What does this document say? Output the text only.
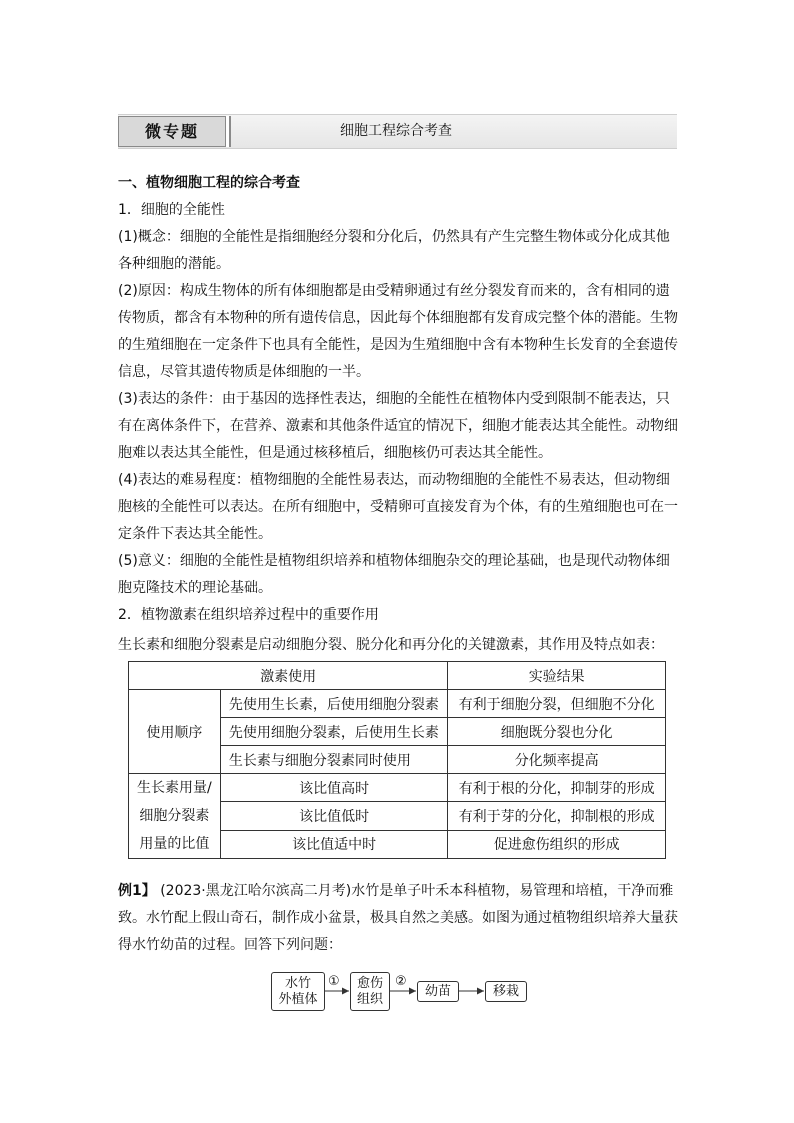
微专题	细胞工程综合考查
一、植物细胞工程的综合考查
1．细胞的全能性
(1)概念：细胞的全能性是指细胞经分裂和分化后，仍然具有产生完整生物体或分化成其他各种细胞的潜能。
(2)原因：构成生物体的所有体细胞都是由受精卵通过有丝分裂发育而来的，含有相同的遗传物质，都含有本物种的所有遗传信息，因此每个体细胞都有发育成完整个体的潜能。生物的生殖细胞在一定条件下也具有全能性，是因为生殖细胞中含有本物种生长发育的全套遗传信息，尽管其遗传物质是体细胞的一半。
(3)表达的条件：由于基因的选择性表达，细胞的全能性在植物体内受到限制不能表达，只有在离体条件下，在营养、激素和其他条件适宜的情况下，细胞才能表达其全能性。动物细胞难以表达其全能性，但是通过核移植后，细胞核仍可表达其全能性。
(4)表达的难易程度：植物细胞的全能性易表达，而动物细胞的全能性不易表达，但动物细胞核的全能性可以表达。在所有细胞中，受精卵可直接发育为个体，有的生殖细胞也可在一定条件下表达其全能性。
(5)意义：细胞的全能性是植物组织培养和植物体细胞杂交的理论基础，也是现代动物体细胞克隆技术的理论基础。
2．植物激素在组织培养过程中的重要作用
生长素和细胞分裂素是启动细胞分裂、脱分化和再分化的关键激素，其作用及特点如表：
激素使用		实验结果
使用顺序	先使用生长素，后使用细胞分裂素	有利于细胞分裂，但细胞不分化
	先使用细胞分裂素，后使用生长素	细胞既分裂也分化
	生长素与细胞分裂素同时使用	分化频率提高

生长素用量/
细胞分裂素
用量的比值	该比值高时	有利于根的分化，抑制芽的形成
	该比值低时	有利于芽的分化，抑制根的形成
	该比值适中时	促进愈伤组织的形成
例1】 (2023·黑龙江哈尔滨高二月考)水竹是单子叶禾本科植物，易管理和培植，干净而雅致。水竹配上假山奇石，制作成小盆景，极具自然之美感。如图为通过植物组织培养大量获得水竹幼苗的过程。回答下列问题：
水竹
外植体
① 愈伤
组织
②
幼苗	移栽
